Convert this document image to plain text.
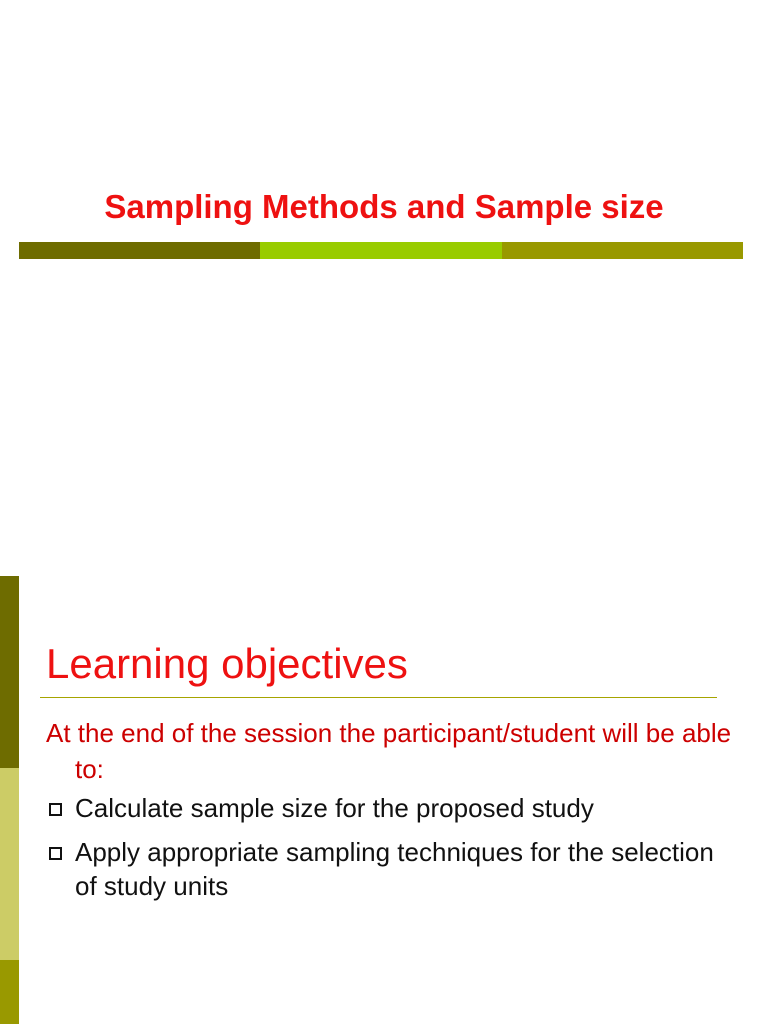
Sampling Methods and Sample size
Learning objectives
At the end of the session the participant/student will be able to:
Calculate sample size for the proposed study
Apply appropriate sampling techniques for the selection of study units
